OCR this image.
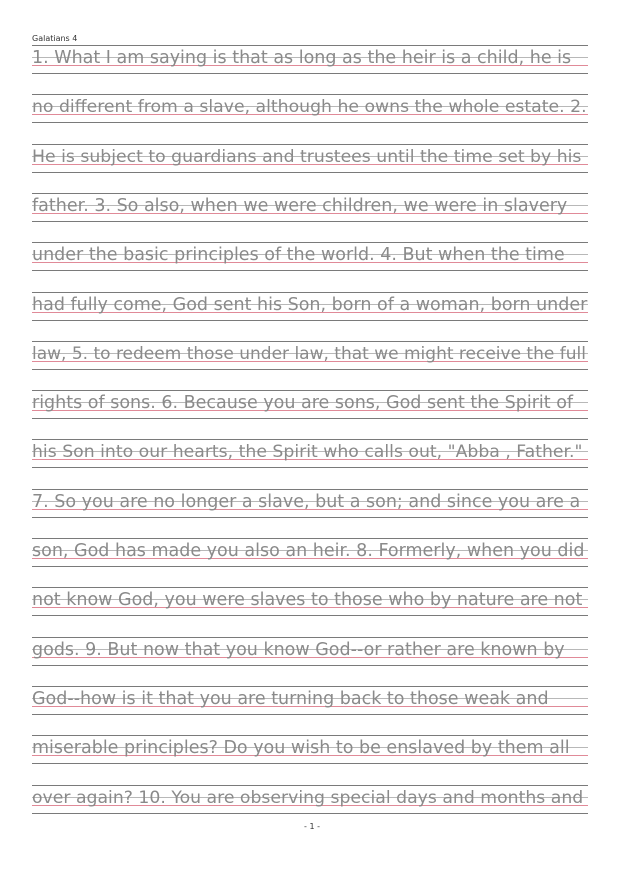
Galatians 4
1. What I am saying is that as long as the heir is a child, he is
no different from a slave, although he owns the whole estate. 2.
He is subject to guardians and trustees until the time set by his
father. 3. So also, when we were children, we were in slavery
under the basic principles of the world. 4. But when the time
had fully come, God sent his Son, born of a woman, born under
law, 5. to redeem those under law, that we might receive the full
rights of sons. 6. Because you are sons, God sent the Spirit of
his Son into our hearts, the Spirit who calls out, "Abba , Father."
7. So you are no longer a slave, but a son; and since you are a
son, God has made you also an heir. 8. Formerly, when you did
not know God, you were slaves to those who by nature are not
gods. 9. But now that you know God--or rather are known by
God--how is it that you are turning back to those weak and
miserable principles? Do you wish to be enslaved by them all
over again? 10. You are observing special days and months and
- 1 -
